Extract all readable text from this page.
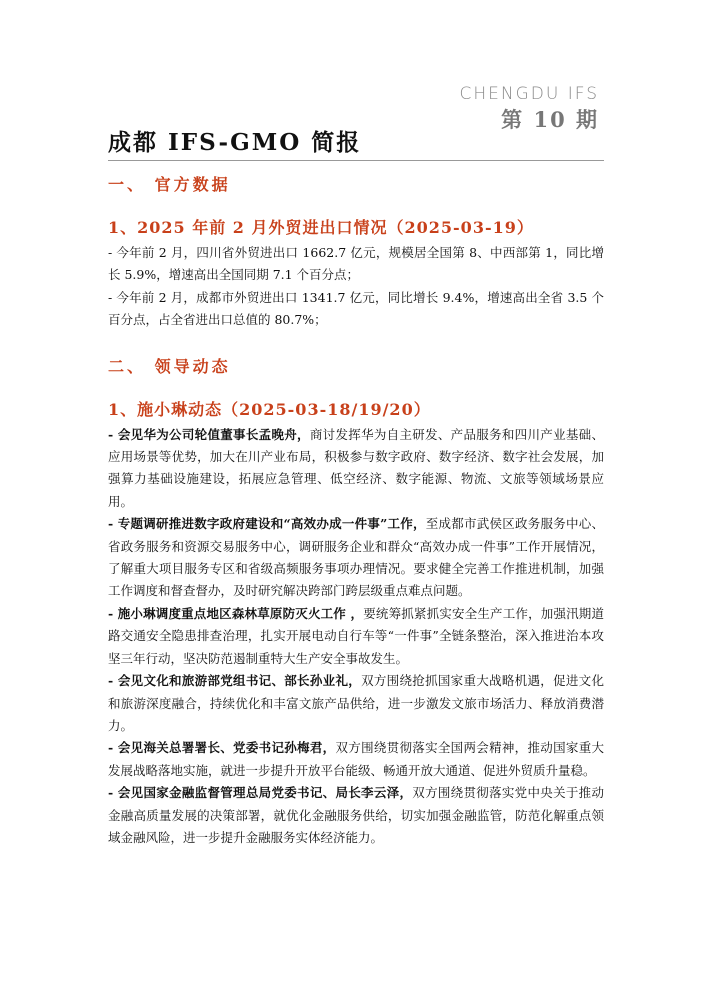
CHENGDU IFS
第 10 期
成都 IFS-GMO 简报
一、 官方数据
1、2025 年前 2 月外贸进出口情况（2025-03-19）

- 今年前 2 月，四川省外贸进出口 1662.7 亿元，规模居全国第 8、中西部第 1，同比增长 5.9%，增速高出全国同期 7.1 个百分点；

- 今年前 2 月，成都市外贸进出口 1341.7 亿元，同比增长 9.4%，增速高出全省 3.5 个百分点，占全省进出口总值的 80.7%；

二、 领导动态
1、施小琳动态（2025-03-18/19/20）

- 会见华为公司轮值董事长孟晚舟，商讨发挥华为自主研发、产品服务和四川产业基础、应用场景等优势，加大在川产业布局，积极参与数字政府、数字经济、数字社会发展，加强算力基础设施建设，拓展应急管理、低空经济、数字能源、物流、文旅等领域场景应用。

- 专题调研推进数字政府建设和“高效办成一件事”工作，至成都市武侯区政务服务中心、省政务服务和资源交易服务中心，调研服务企业和群众“高效办成一件事”工作开展情况，了解重大项目服务专区和省级高频服务事项办理情况。要求健全完善工作推进机制，加强工作调度和督查督办，及时研究解决跨部门跨层级重点难点问题。

- 施小琳调度重点地区森林草原防灭火工作 ，要统筹抓紧抓实安全生产工作，加强汛期道路交通安全隐患排查治理，扎实开展电动自行车等“一件事”全链条整治，深入推进治本攻坚三年行动，坚决防范遏制重特大生产安全事故发生。

- 会见文化和旅游部党组书记、部长孙业礼，双方围绕抢抓国家重大战略机遇，促进文化和旅游深度融合，持续优化和丰富文旅产品供给，进一步激发文旅市场活力、释放消费潜力。

- 会见海关总署署长、党委书记孙梅君，双方围绕贯彻落实全国两会精神，推动国家重大发展战略落地实施，就进一步提升开放平台能级、畅通开放大通道、促进外贸质升量稳。

- 会见国家金融监督管理总局党委书记、局长李云泽，双方围绕贯彻落实党中央关于推动金融高质量发展的决策部署，就优化金融服务供给，切实加强金融监管，防范化解重点领域金融风险，进一步提升金融服务实体经济能力。
